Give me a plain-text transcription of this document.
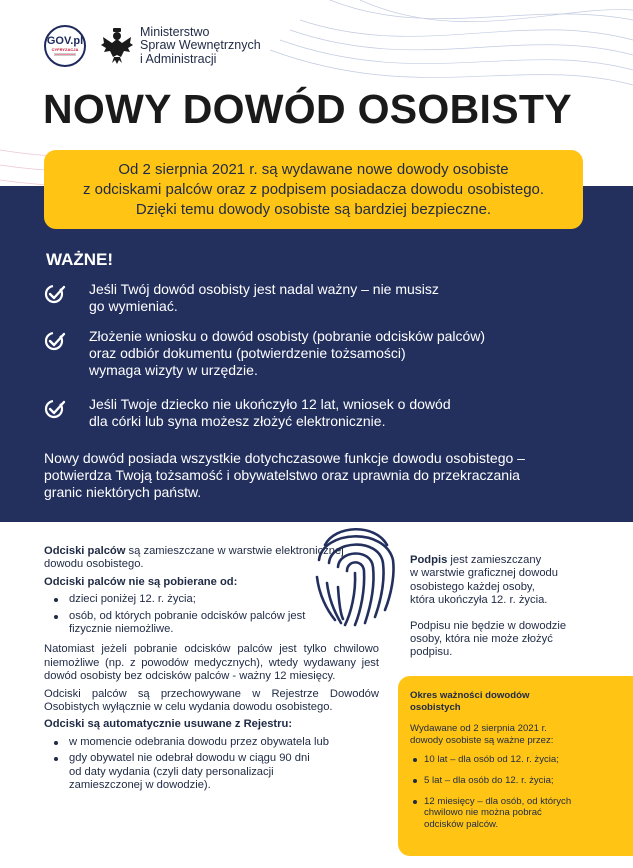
GOV.pl
CYFRYZACJA
Ministerstwo
Spraw Wewnętrznych
i Administracji
NOWY DOWÓD OSOBISTY
Od 2 sierpnia 2021 r. są wydawane nowe dowody osobiste
z odciskami palców oraz z podpisem posiadacza dowodu osobistego.
Dzięki temu dowody osobiste są bardziej bezpieczne.
WAŻNE!
Jeśli Twój dowód osobisty jest nadal ważny – nie musisz
go wymieniać.
Złożenie wniosku o dowód osobisty (pobranie odcisków palców)
oraz odbiór dokumentu (potwierdzenie tożsamości)
wymaga wizyty w urzędzie.
Jeśli Twoje dziecko nie ukończyło 12 lat, wniosek o dowód
dla córki lub syna możesz złożyć elektronicznie.
Nowy dowód posiada wszystkie dotychczasowe funkcje dowodu osobistego –
potwierdza Twoją tożsamość i obywatelstwo oraz uprawnia do przekraczania
granic niektórych państw.

Odciski palców są zamieszczane w warstwie elektronicznej dowodu osobistego.

Odciski palców nie są pobierane od:

dzieci poniżej 12. r. życia;
osób, od których pobranie odcisków palców jest fizycznie niemożliwe.

Natomiast jeżeli pobranie odcisków palców jest tylko chwilowo niemożliwe (np. z powodów medycznych), wtedy wydawany jest dowód osobisty bez odcisków palców - ważny 12 miesięcy.

Odciski palców są przechowywane w Rejestrze Dowodów Osobistych wyłącznie w celu wydania dowodu osobistego.

Odciski są automatycznie usuwane z Rejestru:

w momencie odebrania dowodu przez obywatela lub
gdy obywatel nie odebrał dowodu w ciągu 90 dni od daty wydania (czyli daty personalizacji zamieszczonej w dowodzie).

Podpis jest zamieszczany
w warstwie graficznej dowodu
osobistego każdej osoby,
która ukończyła 12. r. życia.

Podpisu nie będzie w dowodzie
osoby, która nie może złożyć
podpisu.
Okres ważności dowodów
osobistych
Wydawane od 2 sierpnia 2021 r.
dowody osobiste są ważne przez:
10 lat – dla osób od 12. r. życia;
5 lat – dla osób do 12. r. życia;
12 miesięcy – dla osób, od których
chwilowo nie można pobrać
odcisków palców.
